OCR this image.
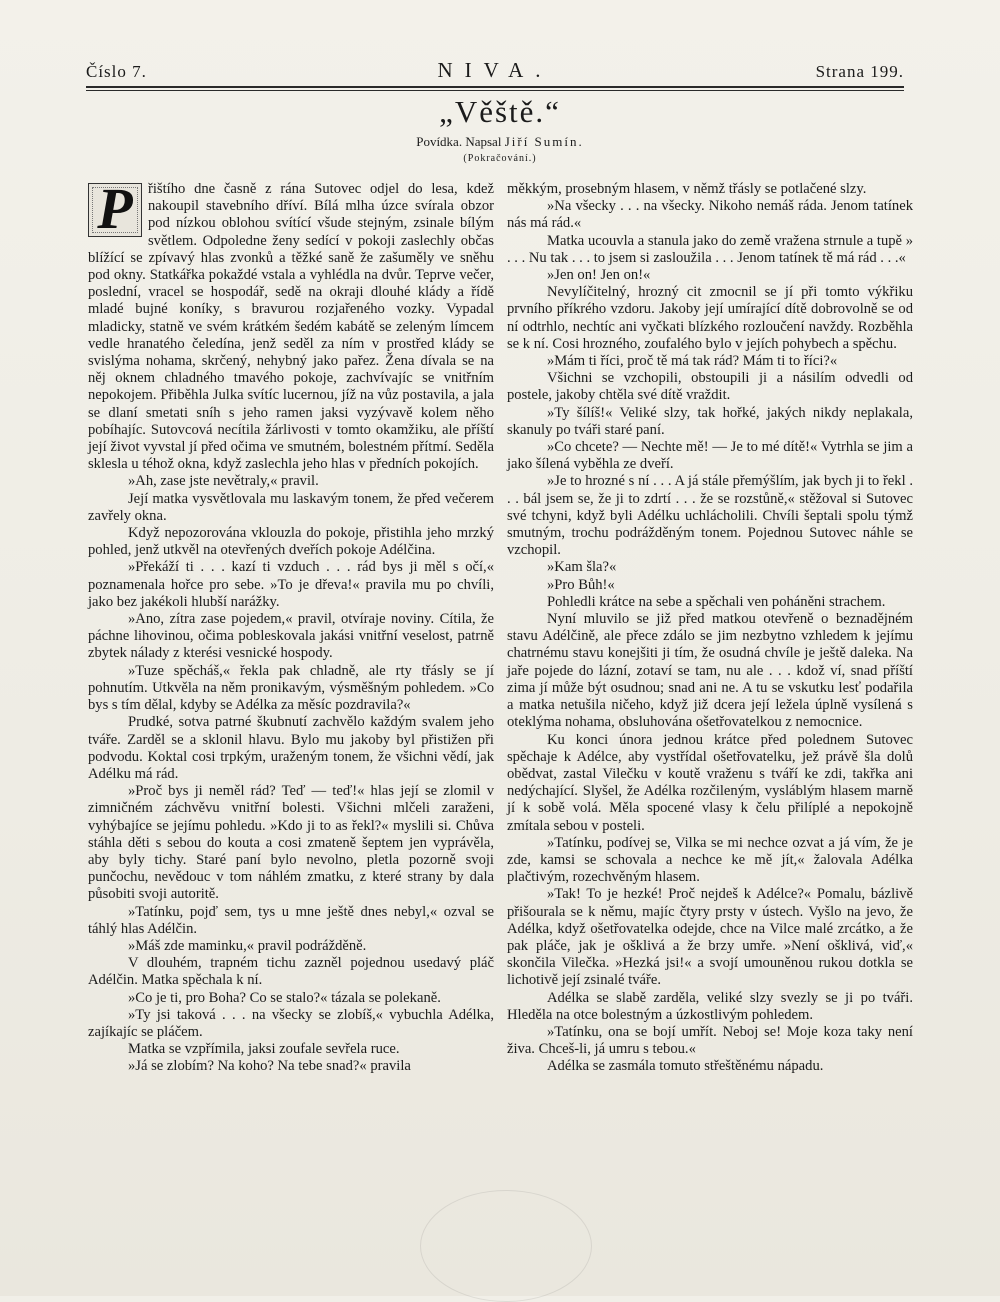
Číslo 7.	NIVA.	Strana 199.
„Věště.“
Povídka. Napsal Jiří Sumín.
(Pokračování.)
P	řištího dne časně z rána Sutovec odjel do lesa, kdež nakoupil stavebního dříví. Bílá mlha úzce svírala obzor pod nízkou oblohou svítící všude stejným, zsinale bílým světlem. Odpoledne ženy sedící v pokoji zaslechly občas blížící se zpívavý hlas zvonků a těžké saně že zašuměly ve sněhu pod okny. Statkářka pokaždé vstala a vyhlédla na dvůr. Teprve večer, poslední, vracel se hospodář, sedě na okraji dlouhé klády a řídě mladé bujné koníky, s bravurou rozjařeného vozky. Vypadal mladicky, statně ve svém krátkém šedém kabátě se zeleným límcem vedle hranatého čeledína, jenž seděl za ním v prostřed klády se svislýma nohama, skrčený, nehybný jako pařez. Žena dívala se na něj oknem chladného tmavého pokoje, zachvívajíc se vnitřním nepokojem. Přiběhla Julka svítíc lucernou, jíž na vůz postavila, a jala se dlaní smetati sníh s jeho ramen jaksi vyzývavě kolem něho pobíhajíc. Sutovcová necítila žárlivosti v tomto okamžiku, ale příští její život vyvstal jí před očima ve smutném, bolestném přítmí. Seděla sklesla u téhož okna, když zaslechla jeho hlas v předních pokojích.

»Ah, zase jste nevětraly,« pravil.

Její matka vysvětlovala mu laskavým tonem, že před večerem zavřely okna.

Když nepozorována vklouzla do pokoje, přistihla jeho mrzký pohled, jenž utkvěl na otevřených dveřích pokoje Adélčina.

»Překáží ti . . . kazí ti vzduch . . . rád bys ji měl s očí,« poznamenala hořce pro sebe. »To je dřeva!« pravila mu po chvíli, jako bez jakékoli hlubší narážky.

»Ano, zítra zase pojedem,« pravil, otvíraje noviny. Cítila, že páchne lihovinou, očima pobleskovala jakási vnitřní veselost, patrně zbytek nálady z kterési vesnické hospody.

»Tuze spěcháš,« řekla pak chladně, ale rty třásly se jí pohnutím. Utkvěla na něm pronikavým, výsměšným pohledem. »Co bys s tím dělal, kdyby se Adélka za měsíc pozdravila?«

Prudké, sotva patrné škubnutí zachvělo každým svalem jeho tváře. Zarděl se a sklonil hlavu. Bylo mu jakoby byl přistižen při podvodu. Koktal cosi trpkým, uraženým tonem, že všichni vědí, jak Adélku má rád.

»Proč bys ji neměl rád? Teď — teď!« hlas její se zlomil v zimničném záchvěvu vnitřní bolesti. Všichni mlčeli zaraženi, vyhýbajíce se jejímu pohledu. »Kdo ji to as řekl?« myslili si. Chůva stáhla děti s sebou do kouta a cosi zmateně šeptem jen vyprávěla, aby byly tichy. Staré paní bylo nevolno, pletla pozorně svoji punčochu, nevědouc v tom náhlém zmatku, z které strany by dala působiti svoji autoritě.

»Tatínku, pojď sem, tys u mne ještě dnes nebyl,« ozval se táhlý hlas Adélčin.

»Máš zde maminku,« pravil podrážděně.

V dlouhém, trapném tichu zazněl pojednou usedavý pláč Adélčin. Matka spěchala k ní.

»Co je ti, pro Boha? Co se stalo?« tázala se polekaně.

»Ty jsi taková . . . na všecky se zlobíš,« vybuchla Adélka, zajíkajíc se pláčem.

Matka se vzpřímila, jaksi zoufale sevřela ruce.

»Já se zlobím? Na koho? Na tebe snad?« pravila

měkkým, prosebným hlasem, v němž třásly se potlačené slzy.

»Na všecky . . . na všecky. Nikoho nemáš ráda. Jenom tatínek nás má rád.«

Matka ucouvla a stanula jako do země vražena strnule a tupě » . . . Nu tak . . . to jsem si zasloužila . . . Jenom tatínek tě má rád . . .«

»Jen on! Jen on!«

Nevylíčitelný, hrozný cit zmocnil se jí při tomto výkřiku prvního příkrého vzdoru. Jakoby její umírající dítě dobrovolně se od ní odtrhlo, nechtíc ani vyčkati blízkého rozloučení navždy. Rozběhla se k ní. Cosi hrozného, zoufalého bylo v jejích pohybech a spěchu.

»Mám ti říci, proč tě má tak rád? Mám ti to říci?«

Všichni se vzchopili, obstoupili ji a násilím odvedli od postele, jakoby chtěla své dítě vraždit.

»Ty šílíš!« Veliké slzy, tak hořké, jakých nikdy neplakala, skanuly po tváři staré paní.

»Co chcete? — Nechte mě! — Je to mé dítě!« Vytrhla se jim a jako šílená vyběhla ze dveří.

»Je to hrozné s ní . . . A já stále přemýšlím, jak bych ji to řekl . . . bál jsem se, že ji to zdrtí . . . že se rozstůně,« stěžoval si Sutovec své tchyni, když byli Adélku uchlácholili. Chvíli šeptali spolu týmž smutným, trochu podrážděným tonem. Pojednou Sutovec náhle se vzchopil.

»Kam šla?«

»Pro Bůh!«

Pohledli krátce na sebe a spěchali ven poháněni strachem.

Nyní mluvilo se již před matkou otevřeně o beznadějném stavu Adélčině, ale přece zdálo se jim nezbytno vzhledem k jejímu chatrnému stavu konejšiti ji tím, že osudná chvíle je ještě daleka. Na jaře pojede do lázní, zotaví se tam, nu ale . . . kdož ví, snad příští zima jí může být osudnou; snad ani ne. A tu se vskutku lesť podařila a matka netušila ničeho, když již dcera její ležela úplně vysílená s oteklýma nohama, obsluhována ošetřovatelkou z nemocnice.

Ku konci února jednou krátce před polednem Sutovec spěchaje k Adélce, aby vystřídal ošetřovatelku, jež právě šla dolů obědvat, zastal Vilečku v koutě vraženu s tváří ke zdi, takřka ani nedýchající. Slyšel, že Adélka rozčileným, vysláblým hlasem marně jí k sobě volá. Měla spocené vlasy k čelu přilíplé a nepokojně zmítala sebou v posteli.

»Tatínku, podívej se, Vilka se mi nechce ozvat a já vím, že je zde, kamsi se schovala a nechce ke mě jít,« žalovala Adélka plačtivým, rozechvěným hlasem.

»Tak! To je hezké! Proč nejdeš k Adélce?« Pomalu, bázlivě přišourala se k němu, majíc čtyry prsty v ústech. Vyšlo na jevo, že Adélka, když ošetřovatelka odejde, chce na Vilce malé zrcátko, a že pak pláče, jak je ošklivá a že brzy umře. »Není ošklivá, viď,« skončila Vilečka. »Hezká jsi!« a svojí umouněnou rukou dotkla se lichotivě její zsinalé tváře.

Adélka se slabě zarděla, veliké slzy svezly se ji po tváři. Hleděla na otce bolestným a úzkostlivým pohledem.

»Tatínku, ona se bojí umřít. Neboj se! Moje koza taky není živa. Chceš-li, já umru s tebou.«

Adélka se zasmála tomuto střeštěnému nápadu.
